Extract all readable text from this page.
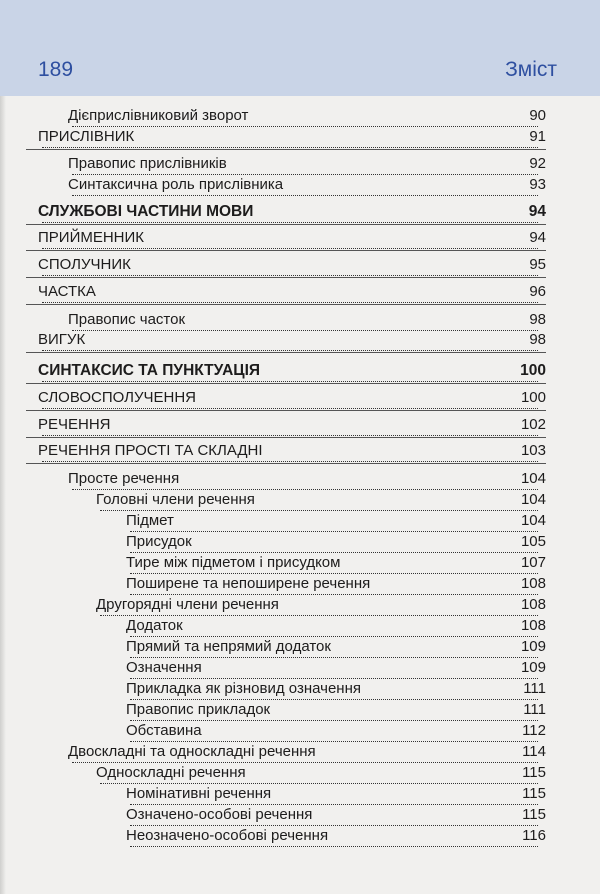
189	Зміст
Дієприслівниковий зворот	90
ПРИСЛІВНИК	91
Правопис прислівників	92
Синтаксична роль прислівника	93
СЛУЖБОВІ ЧАСТИНИ МОВИ	94
ПРИЙМЕННИК	94
СПОЛУЧНИК	95
ЧАСТКА	96
Правопис часток	98
ВИГУК	98
СИНТАКСИС ТА ПУНКТУАЦІЯ	100
СЛОВОСПОЛУЧЕННЯ	100
РЕЧЕННЯ	102
РЕЧЕННЯ ПРОСТІ ТА СКЛАДНІ	103
Просте речення	104
Головні члени речення	104
Підмет	104
Присудок	105
Тире між підметом і присудком	107
Поширене та непоширене речення	108
Другорядні члени речення	108
Додаток	108
Прямий та непрямий додаток	109
Означення	109
Прикладка як різновид означення	111
Правопис прикладок	111
Обставина	112
Двоскладні та односкладні речення	114
Односкладні речення	115
Номінативні речення	115
Означено-особові речення	115
Неозначено-особові речення	116
